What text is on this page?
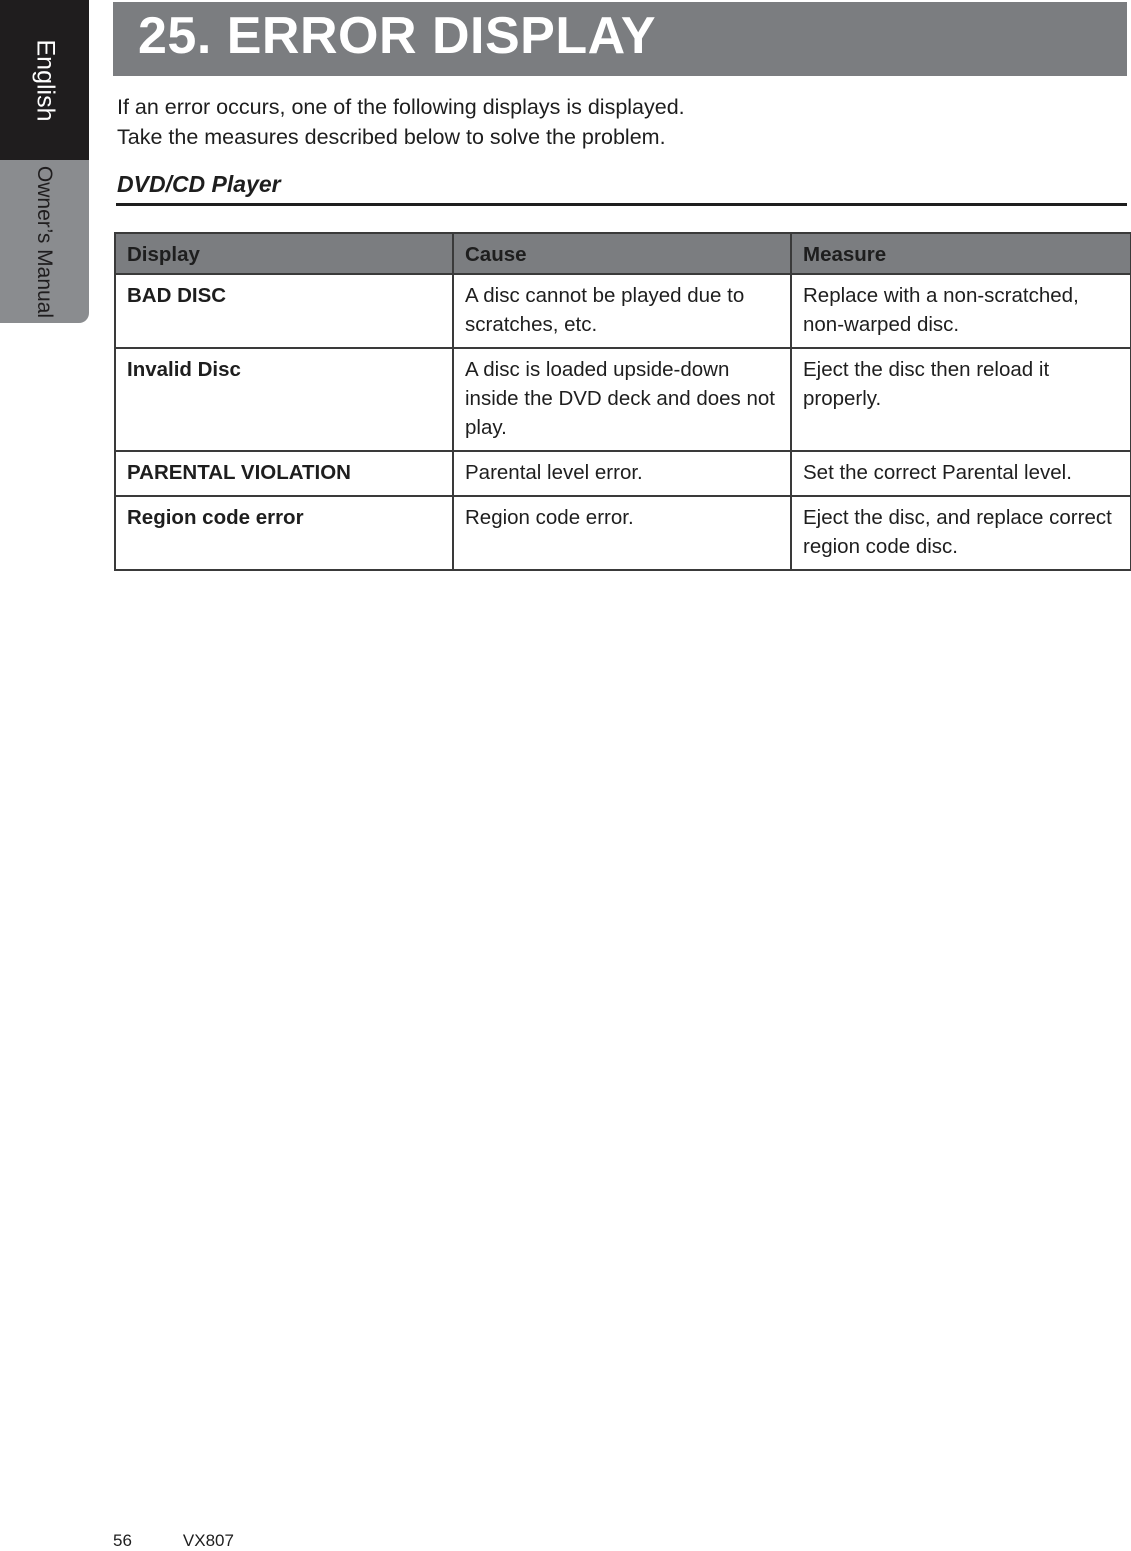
English
Owner’s Manual
25. ERROR DISPLAY

If an error occurs, one of the following displays is displayed.

Take the measures described below to solve the problem.

DVD/CD Player
Display	Cause	Measure
BAD DISC	A disc cannot be played due to scratches, etc.	Replace with a non-scratched, non-warped disc.
Invalid Disc	A disc is loaded upside-down inside the DVD deck and does not play.	Eject the disc then reload it properly.
PARENTAL VIOLATION	Parental level error.	Set the correct Parental level.
Region code error	Region code error.	Eject the disc, and replace correct region code disc.
56	VX807
